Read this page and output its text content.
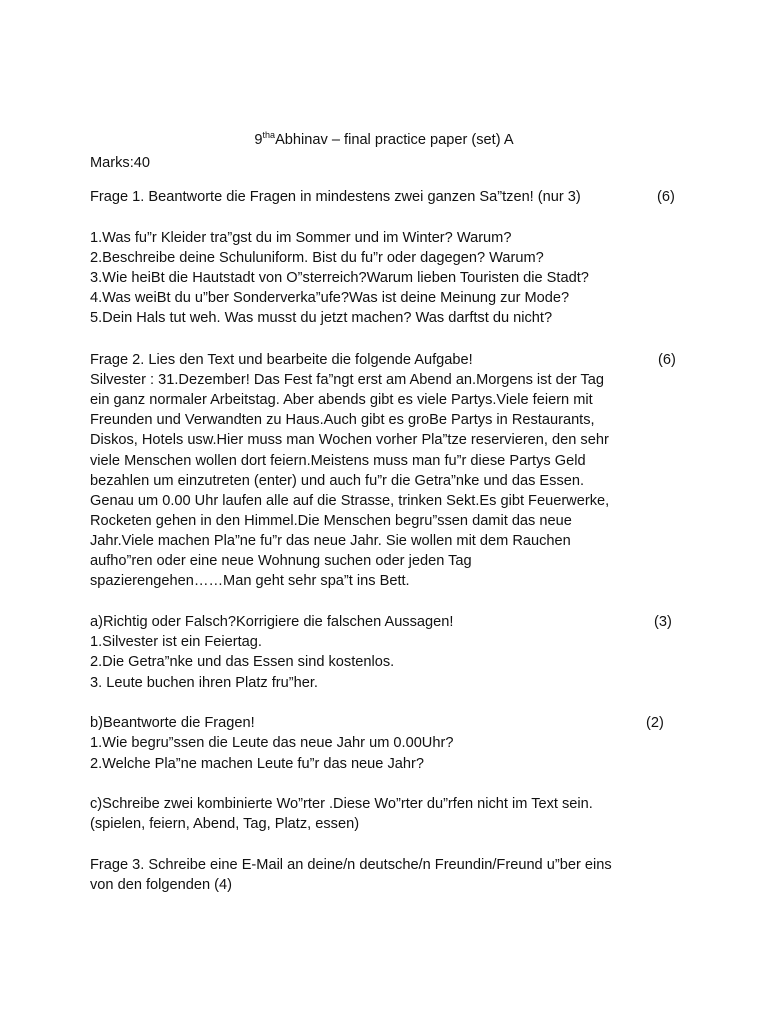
$9^{tha}Abhinav$ – final practice paper (set) A
Marks:40
Frage 1. Beantworte die Fragen in mindestens zwei ganzen Sa”tzen! (nur 3)	(6)
1.Was fu”r Kleider tra”gst du im Sommer und im Winter? Warum?
2.Beschreibe deine Schuluniform. Bist du fu”r oder dagegen? Warum?
3.Wie heiBt die Hautstadt von O”sterreich?Warum lieben Touristen die Stadt?
4.Was weiBt du u”ber Sonderverka”ufe?Was ist deine Meinung zur Mode?
5.Dein Hals tut weh. Was musst du jetzt machen? Was darftst du nicht?
Frage 2. Lies den Text und bearbeite die folgende Aufgabe!	(6)
Silvester : 31.Dezember! Das Fest fa”ngt erst am Abend an.Morgens ist der Tag
ein ganz normaler Arbeitstag. Aber abends gibt es viele Partys.Viele feiern mit
Freunden und Verwandten zu Haus.Auch gibt es groBe Partys in Restaurants,
Diskos, Hotels usw.Hier muss man Wochen vorher Pla”tze reservieren, den sehr
viele Menschen wollen dort feiern.Meistens muss man fu”r diese Partys Geld
bezahlen um einzutreten (enter) und auch fu”r die Getra”nke und das Essen.
Genau um 0.00 Uhr laufen alle auf die Strasse, trinken Sekt.Es gibt Feuerwerke,
Rocketen gehen in den Himmel.Die Menschen begru”ssen damit das neue
Jahr.Viele machen Pla”ne fu”r das neue Jahr. Sie wollen mit dem Rauchen
aufho”ren oder eine neue Wohnung suchen oder jeden Tag
spazierengehen……Man geht sehr spa”t ins Bett.
a)Richtig oder Falsch?Korrigiere die falschen Aussagen!	(3)
1.Silvester ist ein Feiertag.
2.Die Getra”nke und das Essen sind kostenlos.
3. Leute buchen ihren Platz fru”her.
b)Beantworte die Fragen!	(2)
1.Wie begru”ssen die Leute das neue Jahr um 0.00Uhr?
2.Welche Pla”ne machen Leute fu”r das neue Jahr?
c)Schreibe zwei kombinierte Wo”rter .Diese Wo”rter du”rfen nicht im Text sein.
(spielen, feiern, Abend, Tag, Platz, essen)
Frage 3. Schreibe eine E-Mail an deine/n deutsche/n Freundin/Freund u”ber eins
von den folgenden (4)
